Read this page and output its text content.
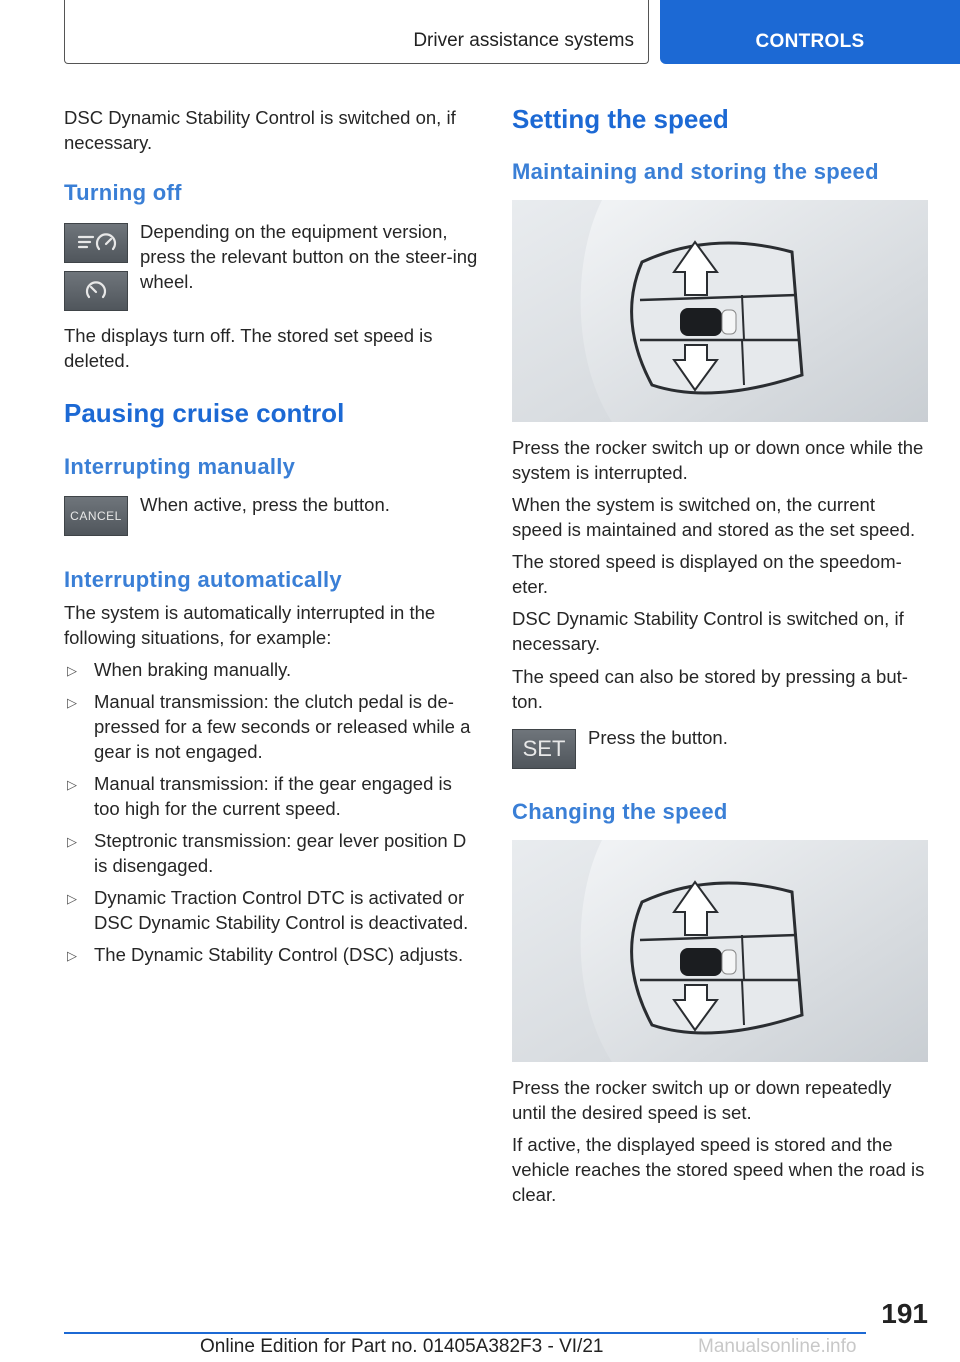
Driver assistance systems	CONTROLS

DSC Dynamic Stability Control is switched on, if necessary.

Turning off

Depending on the equipment version, press the relevant button on the steer-ing wheel.

The displays turn off. The stored set speed is deleted.

Pausing cruise control
Interrupting manually
CANCEL

When active, press the button.

Interrupting automatically

The system is automatically interrupted in the following situations, for example:

▷ When braking manually.
▷ Manual transmission: the clutch pedal is de-pressed for a few seconds or released while a gear is not engaged.
▷ Manual transmission: if the gear engaged is too high for the current speed.
▷ Steptronic transmission: gear lever position D is disengaged.
▷ Dynamic Traction Control DTC is activated or DSC Dynamic Stability Control is deactivated.
▷ The Dynamic Stability Control (DSC) adjusts.
Setting the speed
Maintaining and storing the speed

Press the rocker switch up or down once while the system is interrupted.

When the system is switched on, the current speed is maintained and stored as the set speed.

The stored speed is displayed on the speedom-eter.

DSC Dynamic Stability Control is switched on, if necessary.

The speed can also be stored by pressing a but-ton.

SET Press the button.

Changing the speed

Press the rocker switch up or down repeatedly until the desired speed is set.

If active, the displayed speed is stored and the vehicle reaches the stored speed when the road is clear.

191
Online Edition for Part no. 01405A382F3 - VI/21	Manualsonline.info
